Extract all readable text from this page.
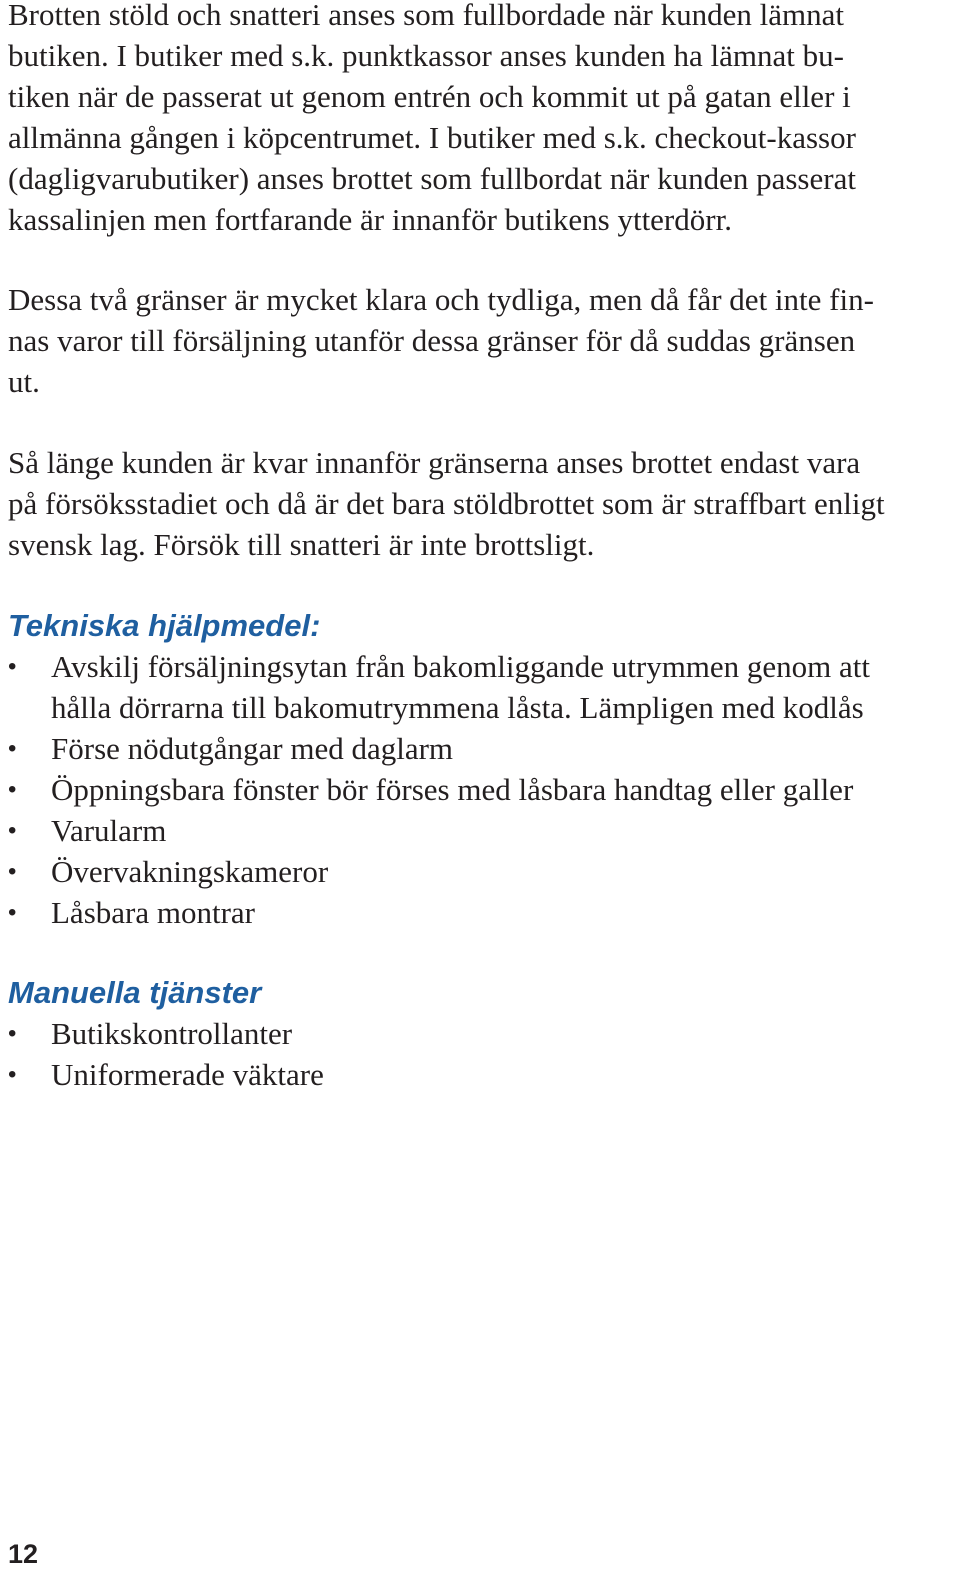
Brotten stöld och snatteri anses som fullbordade när kunden lämnat
butiken. I butiker med s.k. punktkassor anses kunden ha lämnat bu-
tiken när de passerat ut genom entrén och kommit ut på gatan eller i
allmänna gången i köpcentrumet. I butiker med s.k. checkout-kassor
(dagligvarubutiker) anses brottet som fullbordat när kunden passerat
kassalinjen men fortfarande är innanför butikens ytterdörr.

Dessa två gränser är mycket klara och tydliga, men då får det inte fin-
nas varor till försäljning utanför dessa gränser för då suddas gränsen
ut.

Så länge kunden är kvar innanför gränserna anses brottet endast vara
på försöksstadiet och då är det bara stöldbrottet som är straffbart enligt
svensk lag. Försök till snatteri är inte brottsligt.

Tekniska hjälpmedel:
• Avskilj försäljningsytan från bakomliggande utrymmen genom att
hålla dörrarna till bakomutrymmena låsta. Lämpligen med kodlås
• Förse nödutgångar med daglarm
• Öppningsbara fönster bör förses med låsbara handtag eller galler
• Varularm
• Övervakningskameror
• Låsbara montrar
Manuella tjänster
• Butikskontrollanter
• Uniformerade väktare
12
